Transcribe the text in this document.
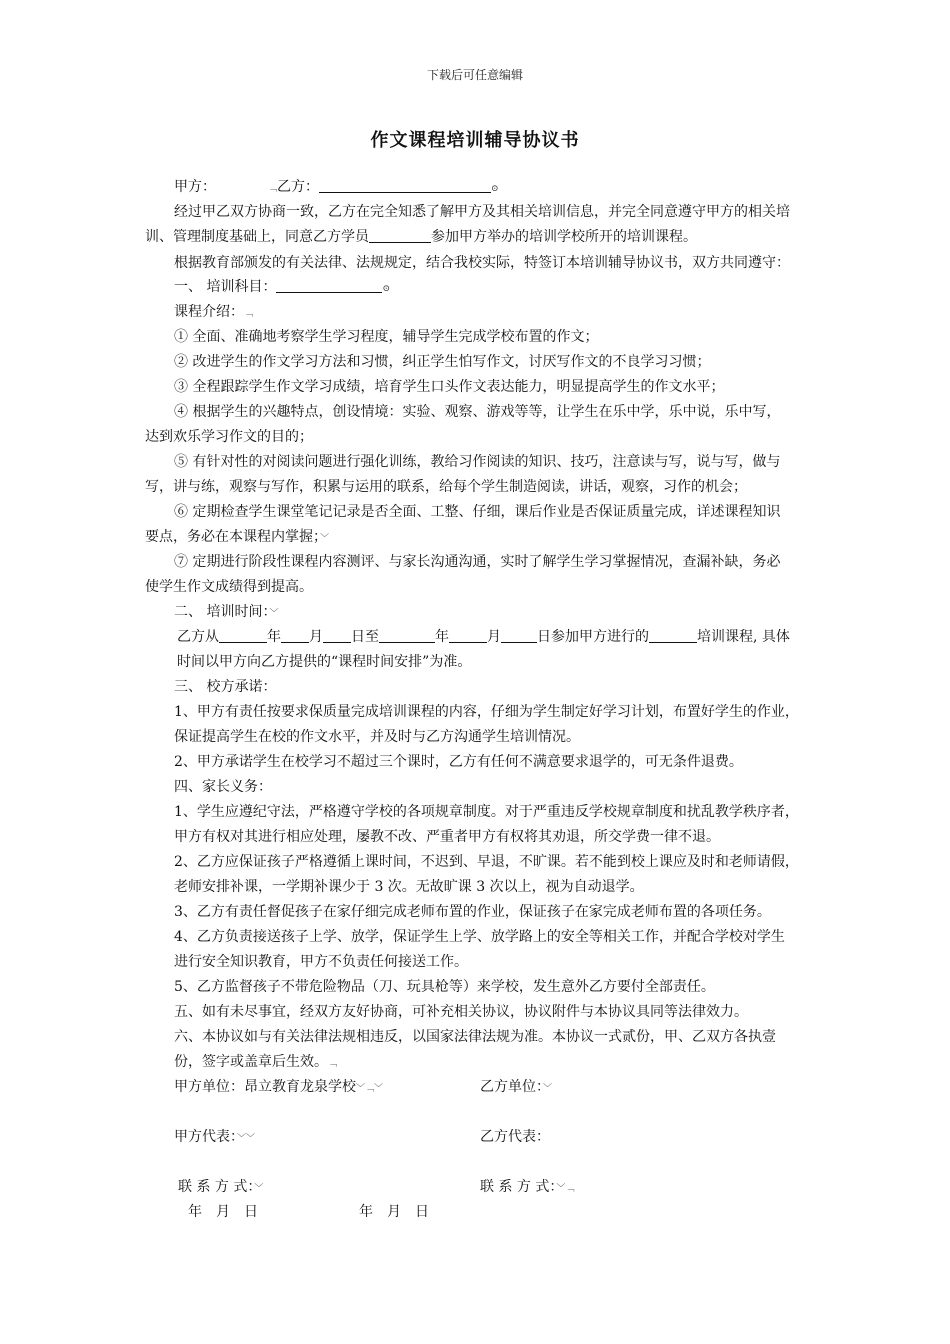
下载后可任意编辑
作文课程培训辅导协议书
甲方：	﹁乙方：	⊙
经过甲乙双方协商一致，乙方在完全知悉了解甲方及其相关培训信息，并完全同意遵守甲方的相关培
训、管理制度基础上，同意乙方学员	参加甲方举办的培训学校所开的培训课程。
根据教育部颁发的有关法律、法规规定，结合我校实际，特签订本培训辅导协议书，双方共同遵守：
一、 培训科目：	⊙
课程介绍：﹁
① 全面、准确地考察学生学习程度，辅导学生完成学校布置的作文；
② 改进学生的作文学习方法和习惯，纠正学生怕写作文，讨厌写作文的不良学习习惯；
③ 全程跟踪学生作文学习成绩，培育学生口头作文表达能力，明显提高学生的作文水平；
④ 根据学生的兴趣特点，创设情境：实验、观察、游戏等等，让学生在乐中学，乐中说，乐中写，
达到欢乐学习作文的目的；
⑤ 有针对性的对阅读问题进行强化训练，教给习作阅读的知识、技巧，注意读与写，说与写，做与
写，讲与练，观察与写作，积累与运用的联系，给每个学生制造阅读，讲话，观察，习作的机会；
⑥ 定期检查学生课堂笔记记录是否全面、工整、仔细，课后作业是否保证质量完成，详述课程知识
要点，务必在本课程内掌握；﹀
⑦ 定期进行阶段性课程内容测评、与家长沟通沟通，实时了解学生学习掌握情况，查漏补缺，务必
使学生作文成绩得到提高。
二、 培训时间：﹀
乙方从	年 月 日至	年	月	日参加甲方进行的	培训课程, 具体
时间以甲方向乙方提供的“课程时间安排”为准。
三、 校方承诺：
1、甲方有责任按要求保质量完成培训课程的内容，仔细为学生制定好学习计划，布置好学生的作业，
保证提高学生在校的作文水平，并及时与乙方沟通学生培训情况。
2、甲方承诺学生在校学习不超过三个课时，乙方有任何不满意要求退学的，可无条件退费。
四、家长义务：
1、学生应遵纪守法，严格遵守学校的各项规章制度。对于严重违反学校规章制度和扰乱教学秩序者，
甲方有权对其进行相应处理，屡教不改、严重者甲方有权将其劝退，所交学费一律不退。
2、乙方应保证孩子严格遵循上课时间，不迟到、早退，不旷课。若不能到校上课应及时和老师请假，
老师安排补课，一学期补课少于 3 次。无故旷课 3 次以上，视为自动退学。
3、乙方有责任督促孩子在家仔细完成老师布置的作业，保证孩子在家完成老师布置的各项任务。
4、乙方负责接送孩子上学、放学，保证学生上学、放学路上的安全等相关工作，并配合学校对学生
进行安全知识教育，甲方不负责任何接送工作。
5、乙方监督孩子不带危险物品（刀、玩具枪等）来学校，发生意外乙方要付全部责任。
五、如有未尽事宜，经双方友好协商，可补充相关协议，协议附件与本协议具同等法律效力。
六、本协议如与有关法律法规相违反，以国家法律法规为准。本协议一式贰份，甲、乙双方各执壹
份，签字或盖章后生效。﹁
甲方单位：昂立教育龙泉学校﹀﹁﹀	乙方单位：﹀
甲方代表：﹀﹀	乙方代表：
联 系 方 式：﹀	联 系 方 式：﹀﹁
年　月　日	年　月　日
